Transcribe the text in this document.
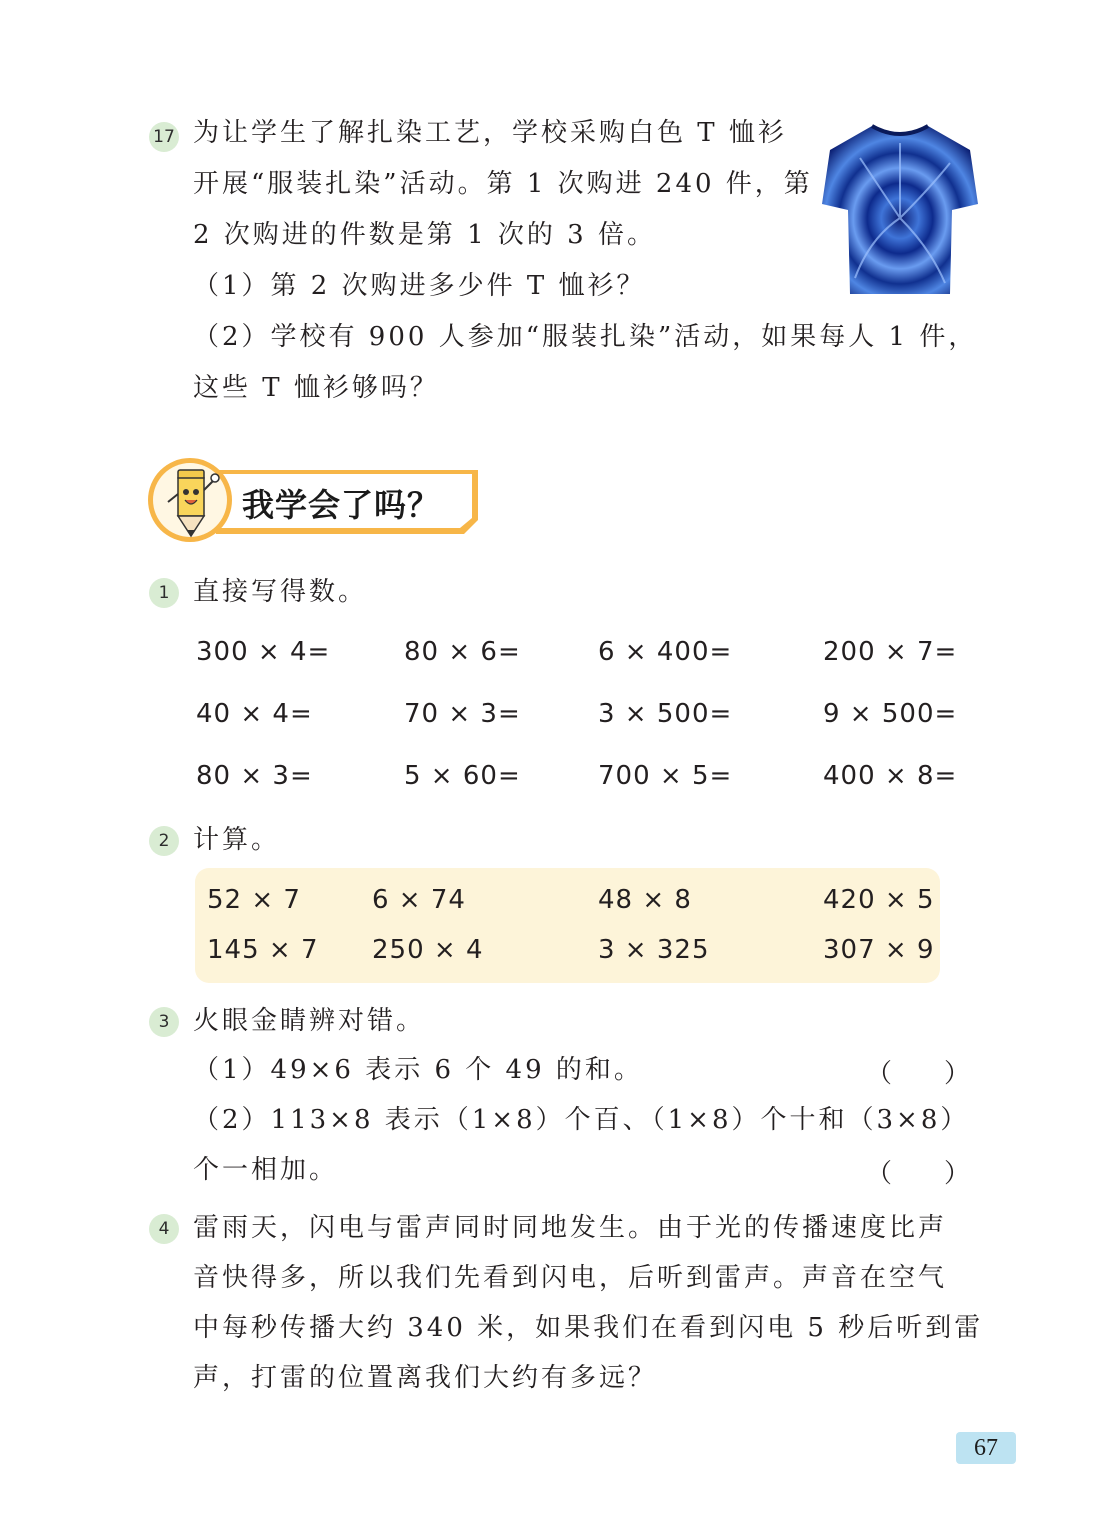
17 为让学生了解扎染工艺，学校采购白色 T 恤衫
开展“服装扎染”活动。第 1 次购进 240 件，第
2 次购进的件数是第 1 次的 3 倍。
（1）第 2 次购进多少件 T 恤衫？
（2）学校有 900 人参加“服装扎染”活动，如果每人 1 件，
这些 T 恤衫够吗？
我学会了吗？
1 直接写得数。
300 × 4=	80 × 6=	6 × 400=	200 × 7=
40 × 4=	70 × 3=	3 × 500=	9 × 500=
80 × 3=	5 × 60=	700 × 5=	400 × 8=
2 计算。
52 × 7	6 × 74	48 × 8	420 × 5
145 × 7 250 × 4	3 × 325	307 × 9
3 火眼金睛辨对错。
（1）49×6 表示 6 个 49 的和。	（　　）
（2）113×8 表示（1×8）个百、（1×8）个十和（3×8）
个一相加。	（　　）
4 雷雨天，闪电与雷声同时同地发生。由于光的传播速度比声
音快得多，所以我们先看到闪电，后听到雷声。声音在空气
中每秒传播大约 340 米，如果我们在看到闪电 5 秒后听到雷
声，打雷的位置离我们大约有多远？
67
